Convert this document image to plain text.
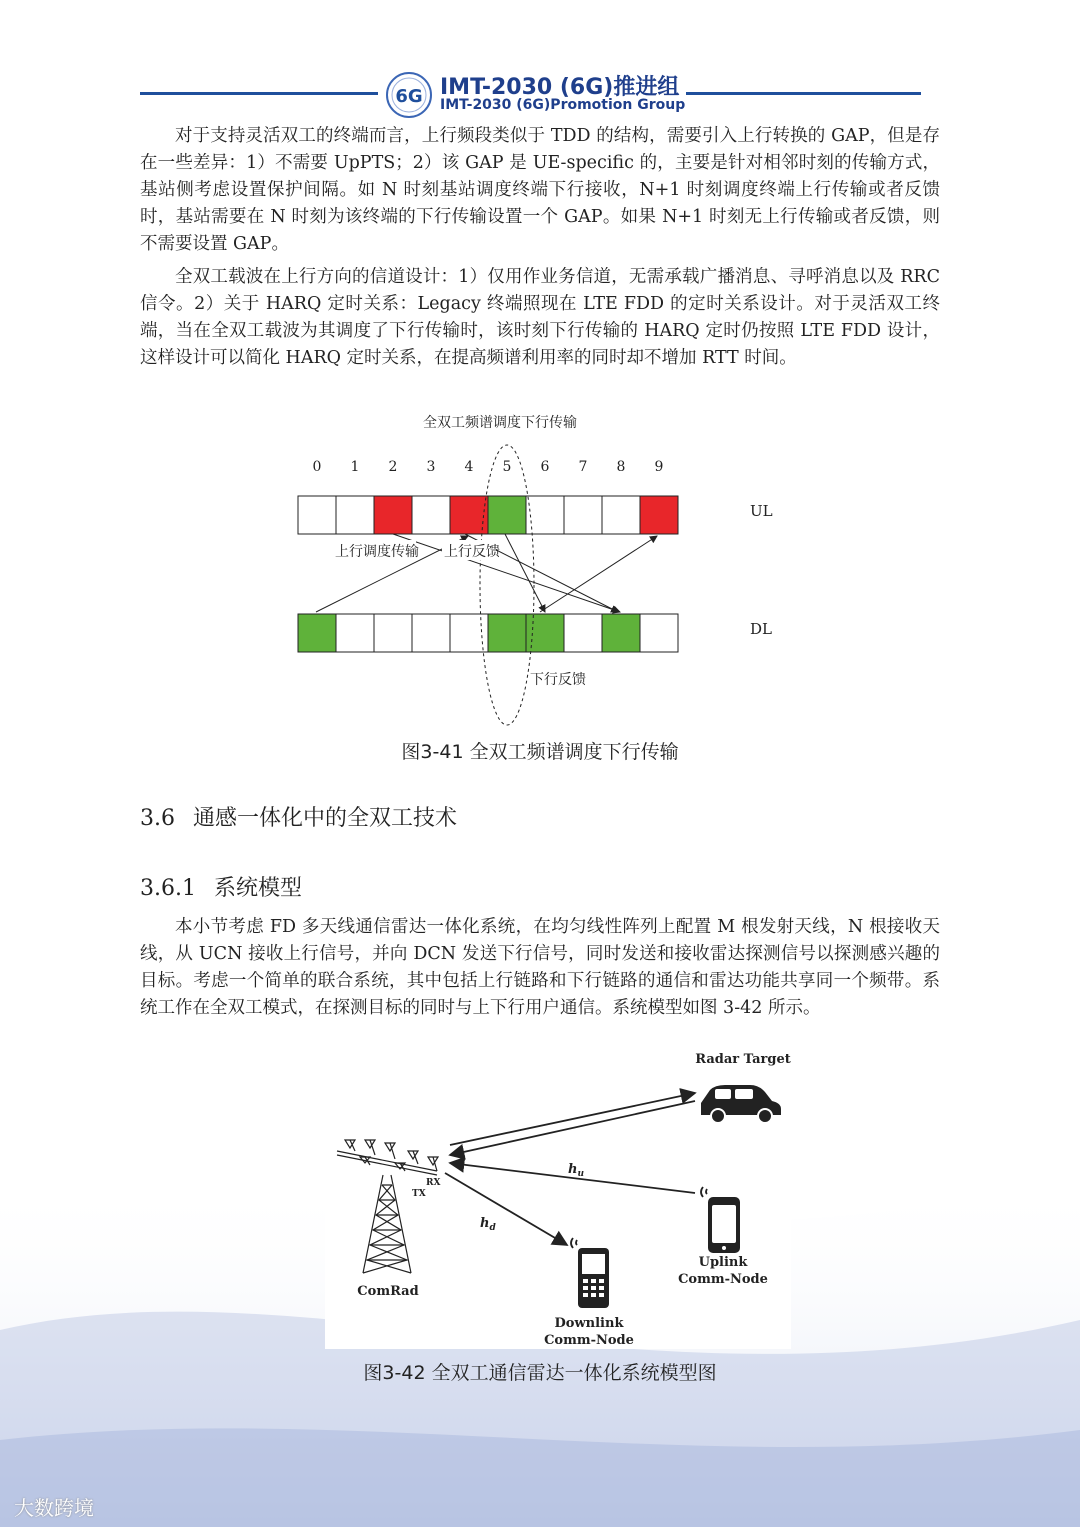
6G IMT-2030 (6G)推进组
IMT-2030 (6G)Promotion Group

对于支持灵活双工的终端而言，上行频段类似于 TDD 的结构，需要引入上行转换的 GAP，但是存在一些差异：1）不需要 UpPTS；2）该 GAP 是 UE-specific 的，主要是针对相邻时刻的传输方式，基站侧考虑设置保护间隔。如 N 时刻基站调度终端下行接收，N+1 时刻调度终端上行传输或者反馈时，基站需要在 N 时刻为该终端的下行传输设置一个 GAP。如果 N+1 时刻无上行传输或者反馈，则不需要设置 GAP。

全双工载波在上行方向的信道设计：1）仅用作业务信道，无需承载广播消息、寻呼消息以及 RRC 信令。2）关于 HARQ 定时关系：Legacy 终端照现在 LTE FDD 的定时关系设计。对于灵活双工终端，当在全双工载波为其调度了下行传输时，该时刻下行传输的 HARQ 定时仍按照 LTE FDD 设计，这样设计可以简化 HARQ 定时关系，在提高频谱利用率的同时却不增加 RTT 时间。

全双工频谱调度下行传输
0 1 2 3 4 5 6 7 8 9
UL
DL
上行调度传输 上行反馈
下行反馈
图3-41 全双工频谱调度下行传输
3.6 通感一体化中的全双工技术
3.6.1 系统模型

本小节考虑 FD 多天线通信雷达一体化系统，在均匀线性阵列上配置 M 根发射天线，N 根接收天线，从 UCN 接收上行信号，并向 DCN 发送下行信号，同时发送和接收雷达探测信号以探测感兴趣的目标。考虑一个简单的联合系统，其中包括上行链路和下行链路的通信和雷达功能共享同一个频带。系统工作在全双工模式，在探测目标的同时与上下行用户通信。系统模型如图 3-42 所示。

Radar Target
$h_u$
$h_d$
RX
TX
ComRad
Downlink
Comm-Node
Uplink
Comm-Node
图3-42 全双工通信雷达一体化系统模型图
大数跨境
